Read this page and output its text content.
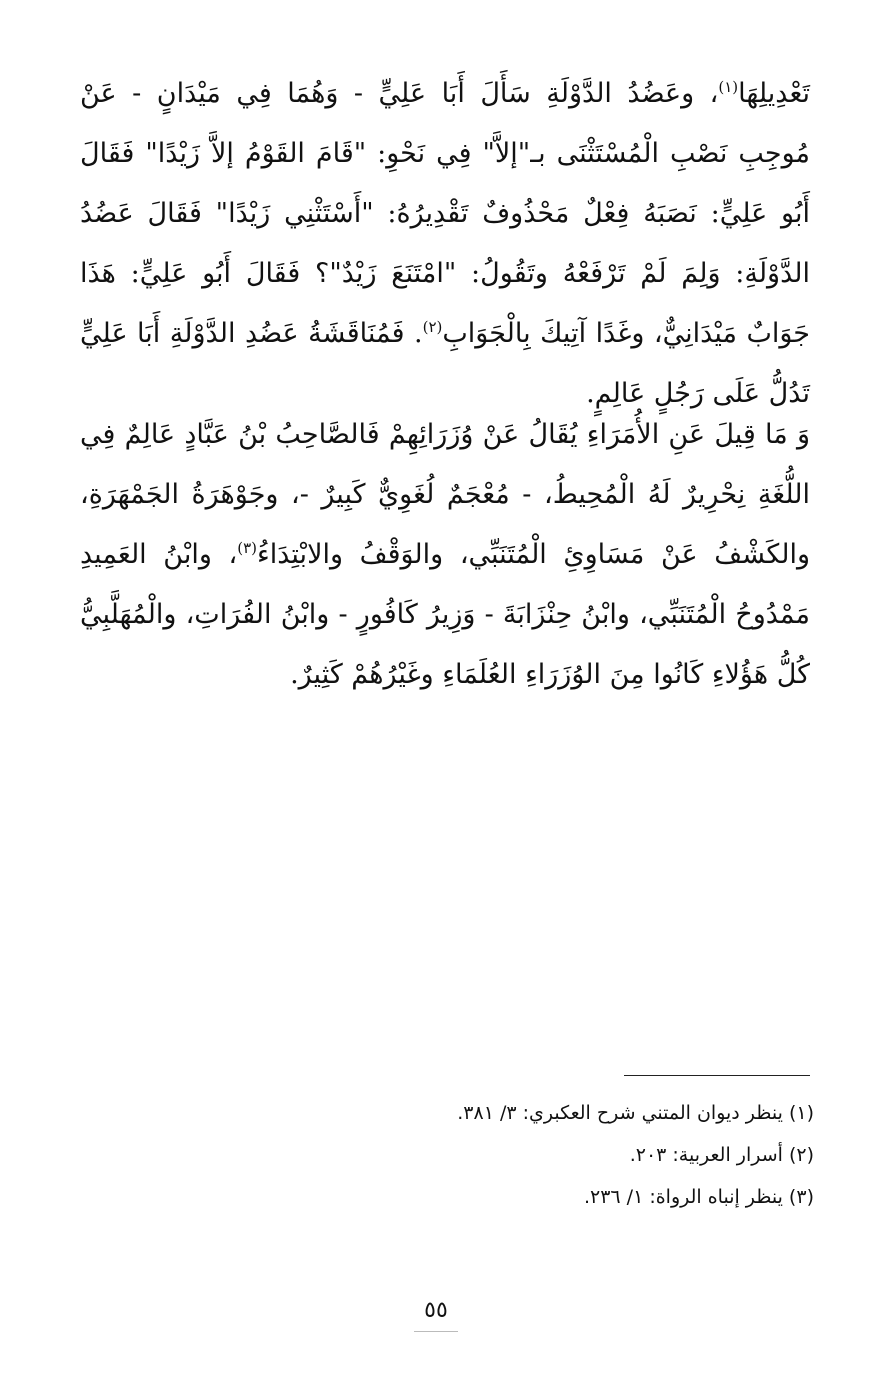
تَعْدِيلِهَا$^{(١)}$، وعَضُدُ الدَّوْلَةِ سَأَلَ أَبَا عَلِيٍّ - وَهُمَا فِي مَيْدَانٍ - عَنْ مُوجِبِ نَصْبِ الْمُسْتَثْنَى بـ"إلاَّ" فِي نَحْوِ: "قَامَ القَوْمُ إلاَّ زَيْدًا" فَقَالَ أَبُو عَلِيٍّ: نَصَبَهُ فِعْلٌ مَحْذُوفٌ تَقْدِيرُهُ: "أَسْتَثْنِي زَيْدًا" فَقَالَ عَضُدُ الدَّوْلَةِ: وَلِمَ لَمْ تَرْفَعْهُ وتَقُولُ: "امْتَنَعَ زَيْدٌ"؟ فَقَالَ أَبُو عَلِيٍّ: هَذَا جَوَابٌ مَيْدَانِيٌّ، وغَدًا آتِيكَ بِالْجَوَابِ$^{(٢)}$. فَمُنَاقَشَةُ عَضُدِ الدَّوْلَةِ أَبَا عَلِيٍّ تَدُلُّ عَلَى رَجُلٍ عَالِمٍ.

وَ مَا قِيلَ عَنِ الأُمَرَاءِ يُقَالُ عَنْ وُزَرَائِهِمْ فَالصَّاحِبُ بْنُ عَبَّادٍ عَالِمٌ فِي اللُّغَةِ نِحْرِيرٌ لَهُ الْمُحِيطُ، - مُعْجَمٌ لُغَوِيٌّ كَبِيرٌ -، وجَوْهَرَةُ الجَمْهَرَةِ، والكَشْفُ عَنْ مَسَاوِئِ الْمُتَنَبِّي، والوَقْفُ والابْتِدَاءُ$^{(٣)}$، وابْنُ العَمِيدِ مَمْدُوحُ الْمُتَنَبِّي، وابْنُ حِنْزَابَةَ - وَزِيرُ كَافُورٍ - وابْنُ الفُرَاتِ، والْمُهَلَّبِيُّ كُلُّ هَؤُلاءِ كَانُوا مِنَ الوُزَرَاءِ العُلَمَاءِ وغَيْرُهُمْ كَثِيرٌ.

(١) ينظر ديوان المتني شرح العكبري: ٣/ ٣٨١.

(٢) أسرار العربية: ٢٠٣.

(٣) ينظر إنباه الرواة: ١/ ٢٣٦.

٥٥
